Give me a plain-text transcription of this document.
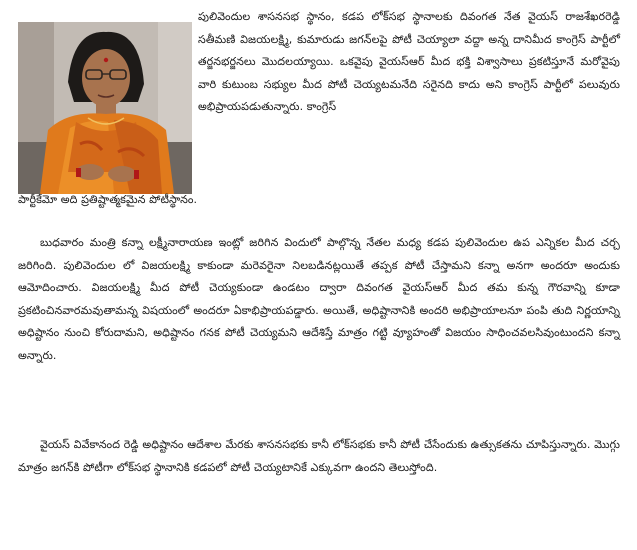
పులివెందుల శాసనసభ స్థానం, కడప లోక్‌సభ స్థానాలకు దివంగత నేత వైయస్ రాజశేఖరరెడ్డి సతీమణి విజయలక్ష్మి, కుమారుడు జగన్‌లపై పోటీ చెయ్యాలా వద్దా అన్న దానిమీద కాంగ్రెస్ పార్టీలో తర్జనభర్జనలు మొదలయ్యాయి. ఒకవైపు వైయస్‌ఆర్ మీద భక్తి విశ్వాసాలు ప్రకటిస్తూనే మరోవైపు వారి కుటుంబ సభ్యుల మీద పోటీ చెయ్యటమనేది సరైనది కాదు అని కాంగ్రెస్ పార్టీలో పలువురు అభిప్రాయపడుతున్నారు. కాంగ్రెస్

పార్టీకేమో అది ప్రతిష్టాత్మకమైన పోటీస్థానం.

బుధవారం మంత్రి కన్నా లక్ష్మీనారాయణ ఇంట్లో జరిగిన విందులో పాల్గొన్న నేతల మధ్య కడప పులివెందుల ఉప ఎన్నికల మీద చర్చ జరిగింది. పులివెందుల లో విజయలక్ష్మి కాకుండా మరెవరైనా నిలబడినట్లయితే తప్పక పోటీ చేస్తామని కన్నా అనగా అందరూ అందుకు ఆమోదించారు. విజయలక్ష్మి మీద పోటీ చెయ్యకుండా ఉండటం ద్వారా దివంగత వైయస్‌ఆర్ మీద తమ కున్న గౌరవాన్ని కూడా ప్రకటించినవారమవుతామన్న విషయంలో అందరూ ఏకాభిప్రాయపడ్డారు. అయితే, అధిష్టానానికి అందరి అభిప్రాయాలనూ పంపి తుది నిర్ణయాన్ని అధిష్టానం నుంచి కోరుదామని, అధిష్టానం గనక పోటీ చెయ్యమని ఆదేశిస్తే మాత్రం గట్టి వ్యూహంతో విజయం సాధించవలసివుంటుందని కన్నా అన్నారు.

వైయస్ వివేకానంద రెడ్డి అధిష్టానం ఆదేశాల మేరకు శాసనసభకు కానీ లోక్‌సభకు కానీ పోటీ చేసేందుకు ఉత్సుకతను చూపిస్తున్నారు. మొగ్గు మాత్రం జగన్‌కి పోటీగా లోక్‌సభ స్థానానికి కడపలో పోటీ చెయ్యటానికే ఎక్కువగా ఉందని తెలుస్తోంది.
